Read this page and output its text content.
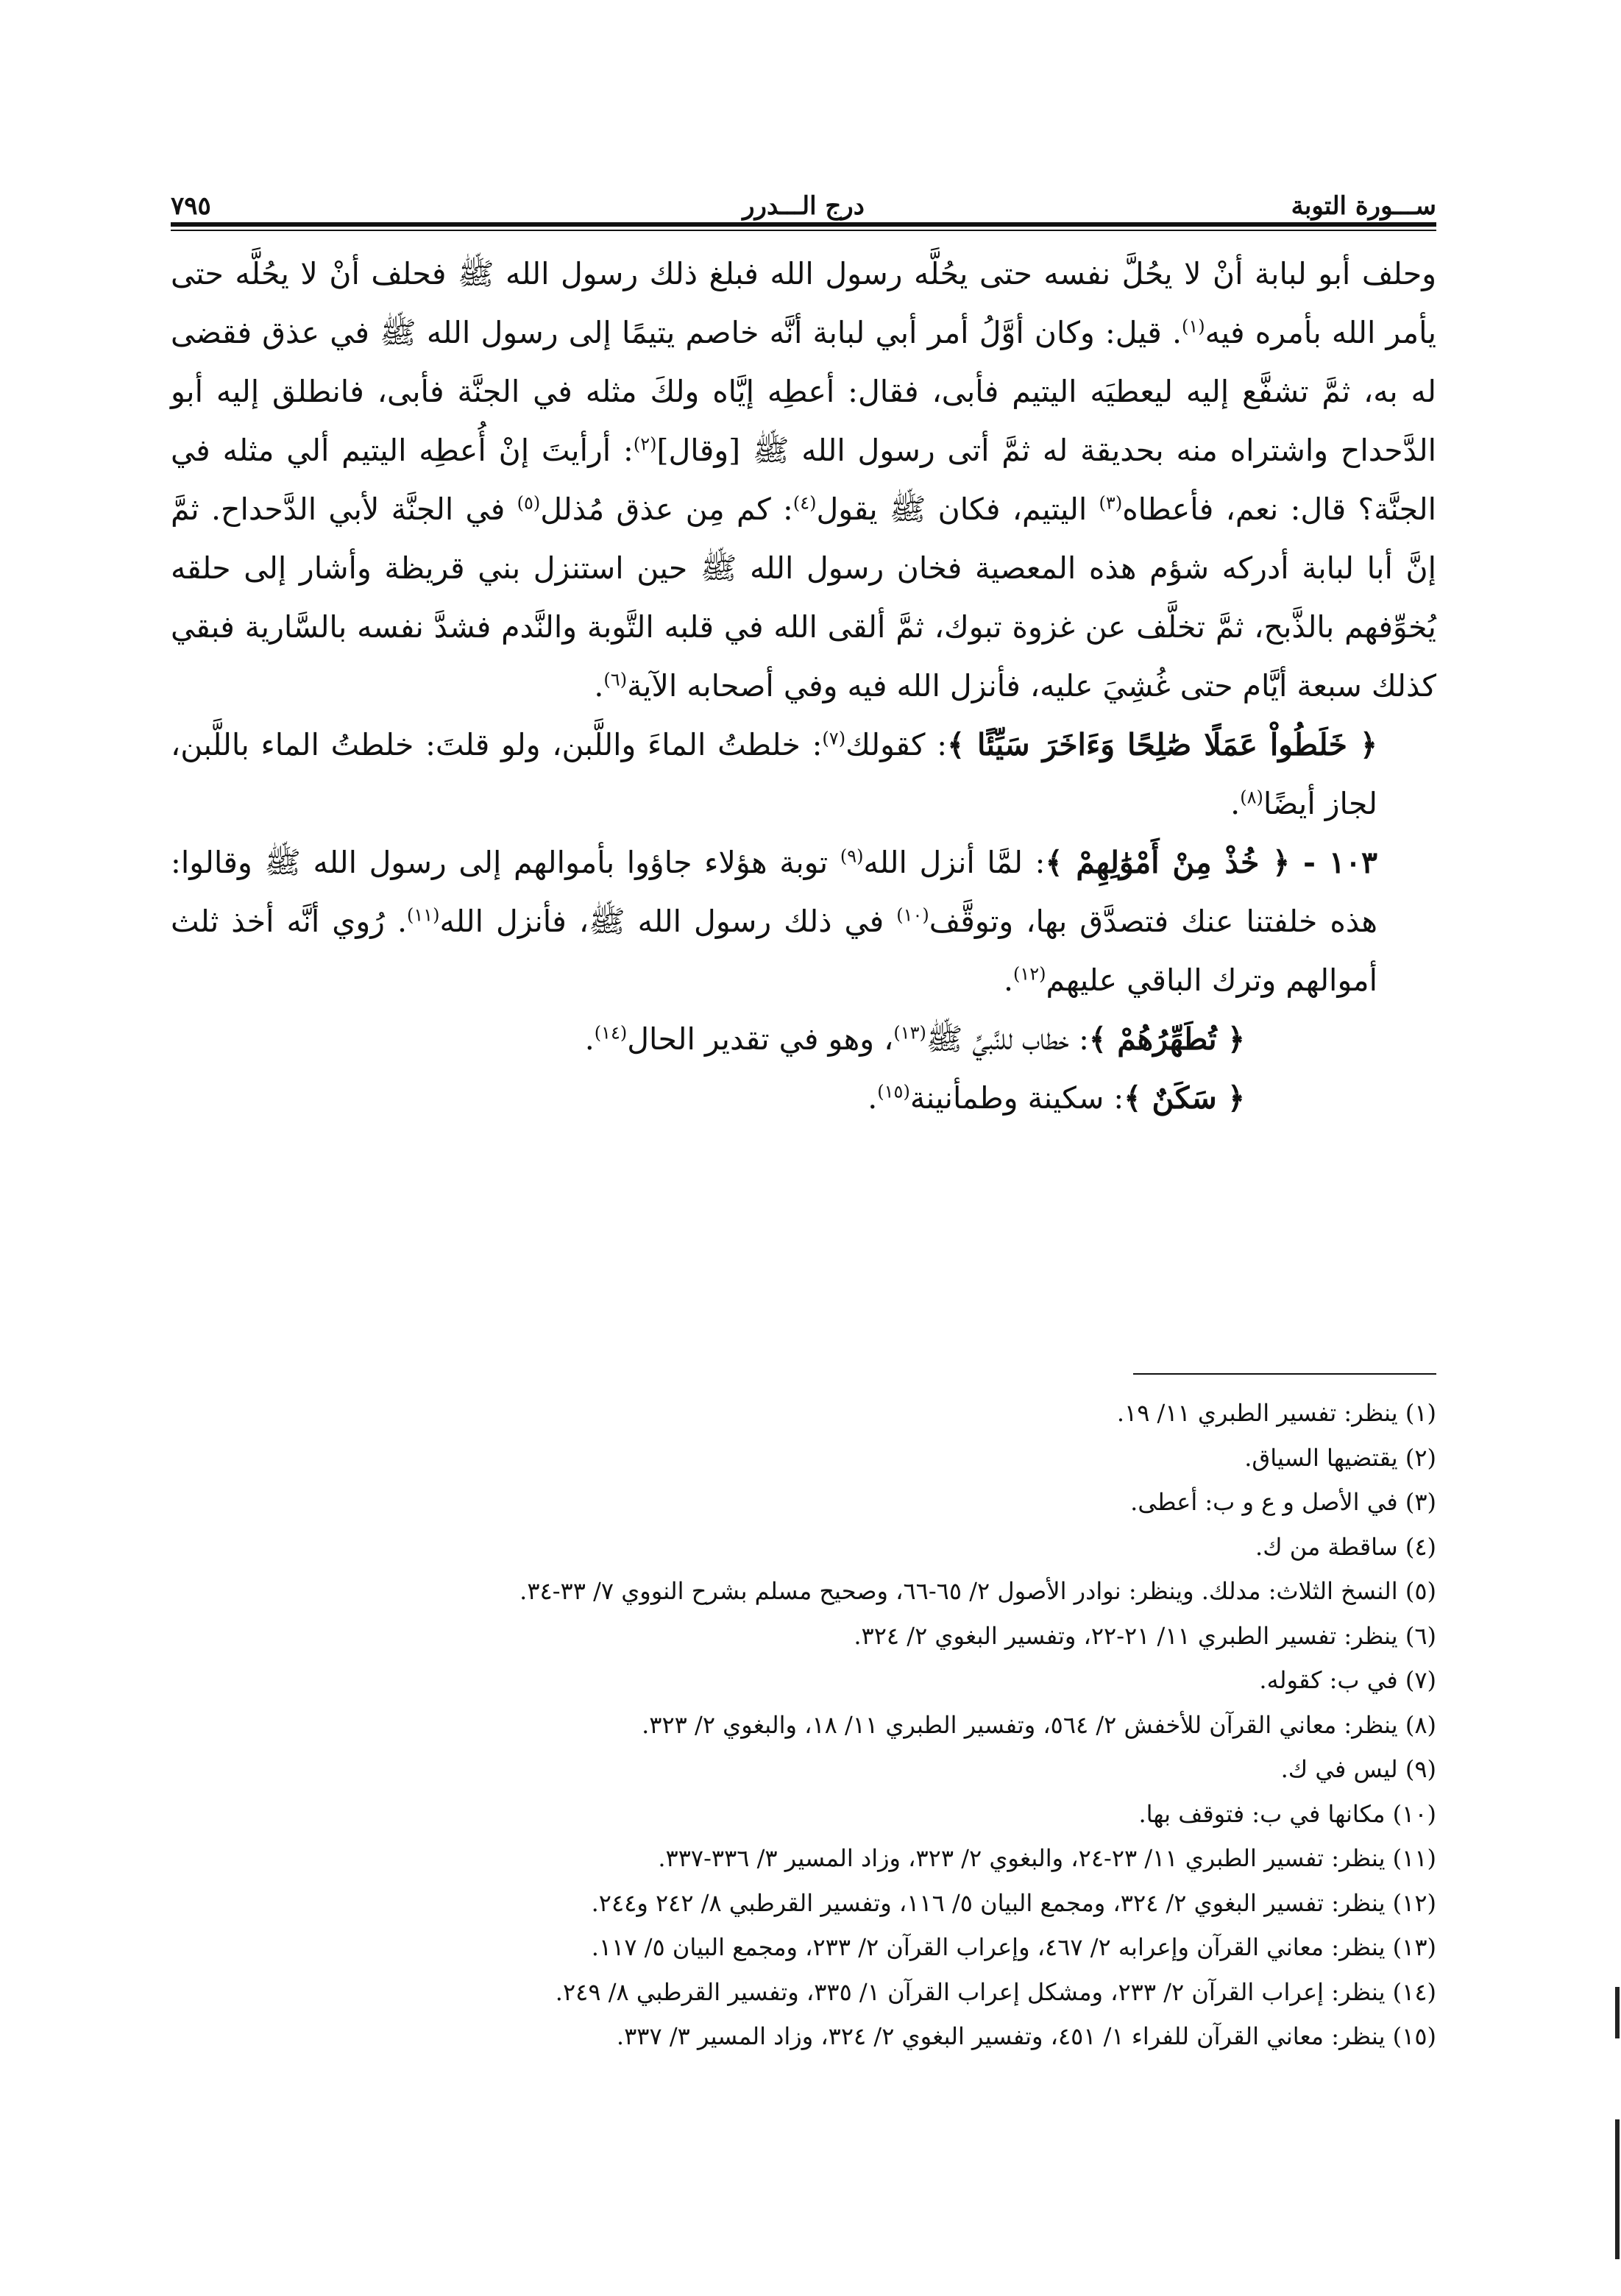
ســـورة التوبة
درج الـــدرر
٧٩٥

وحلف أبو لبابة أنْ لا يحُلَّ نفسه حتى يحُلَّه رسول الله فبلغ ذلك رسول الله ﷺ فحلف أنْ لا يحُلَّه حتى يأمر الله بأمره فيه$^{(١)}$. قيل: وكان أوَّلُ أمر أبي لبابة أنَّه خاصم يتيمًا إلى رسول الله ﷺ في عذق فقضى له به، ثمَّ تشفَّع إليه ليعطيَه اليتيم فأبى، فقال: أعطِه إيَّاه ولكَ مثله في الجنَّة فأبى، فانطلق إليه أبو الدَّحداح واشتراه منه بحديقة له ثمَّ أتى رسول الله ﷺ [وقال]$^{(٢)}$: أرأيتَ إنْ أُعطِه اليتيم ألي مثله في الجنَّة؟ قال: نعم، فأعطاه$^{(٣)}$ اليتيم، فكان ﷺ يقول$^{(٤)}$: كم مِن عذق مُذلل$^{(٥)}$ في الجنَّة لأبي الدَّحداح. ثمَّ إنَّ أبا لبابة أدركه شؤم هذه المعصية فخان رسول الله ﷺ حين استنزل بني قريظة وأشار إلى حلقه يُخوِّفهم بالذَّبح، ثمَّ تخلَّف عن غزوة تبوك، ثمَّ ألقى الله في قلبه التَّوبة والنَّدم فشدَّ نفسه بالسَّارية فبقي كذلك سبعة أيَّام حتى غُشِيَ عليه، فأنزل الله فيه وفي أصحابه الآية$^{(٦)}$.

﴿ خَلَطُواْ عَمَلًا صَٰلِحًا وَءَاخَرَ سَيِّئًا ﴾: كقولك$^{(٧)}$: خلطتُ الماءَ واللَّبن، ولو قلتَ: خلطتُ الماء باللَّبن، لجاز أيضًا$^{(٨)}$.

١٠٣ - ﴿ خُذْ مِنْ أَمْوَٰلِهِمْ ﴾: لمَّا أنزل الله$^{(٩)}$ توبة هؤلاء جاؤوا بأموالهم إلى رسول الله ﷺ وقالوا: هذه خلفتنا عنك فتصدَّق بها، وتوقَّف$^{(١٠)}$ في ذلك رسول الله ﷺ، فأنزل الله$^{(١١)}$. رُوي أنَّه أخذ ثلث أموالهم وترك الباقي عليهم$^{(١٢)}$.

﴿ تُطَهِّرُهُمْ ﴾: خطاب للنَّبيِّ ﷺ$^{(١٣)}$، وهو في تقدير الحال$^{(١٤)}$.

﴿ سَكَنٌ ﴾: سكينة وطمأنينة$^{(١٥)}$.

(١) ينظر: تفسير الطبري ١١/ ١٩.
(٢) يقتضيها السياق.
(٣) في الأصل و ع و ب: أعطى.
(٤) ساقطة من ك.
(٥) النسخ الثلاث: مدلك. وينظر: نوادر الأصول ٢/ ٦٥-٦٦، وصحيح مسلم بشرح النووي ٧/ ٣٣-٣٤.
(٦) ينظر: تفسير الطبري ١١/ ٢١-٢٢، وتفسير البغوي ٢/ ٣٢٤.
(٧) في ب: كقوله.
(٨) ينظر: معاني القرآن للأخفش ٢/ ٥٦٤، وتفسير الطبري ١١/ ١٨، والبغوي ٢/ ٣٢٣.
(٩) ليس في ك.
(١٠) مكانها في ب: فتوقف بها.
(١١) ينظر: تفسير الطبري ١١/ ٢٣-٢٤، والبغوي ٢/ ٣٢٣، وزاد المسير ٣/ ٣٣٦-٣٣٧.
(١٢) ينظر: تفسير البغوي ٢/ ٣٢٤، ومجمع البيان ٥/ ١١٦، وتفسير القرطبي ٨/ ٢٤٢ و٢٤٤.
(١٣) ينظر: معاني القرآن وإعرابه ٢/ ٤٦٧، وإعراب القرآن ٢/ ٢٣٣، ومجمع البيان ٥/ ١١٧.
(١٤) ينظر: إعراب القرآن ٢/ ٢٣٣، ومشكل إعراب القرآن ١/ ٣٣٥، وتفسير القرطبي ٨/ ٢٤٩.
(١٥) ينظر: معاني القرآن للفراء ١/ ٤٥١، وتفسير البغوي ٢/ ٣٢٤، وزاد المسير ٣/ ٣٣٧.
